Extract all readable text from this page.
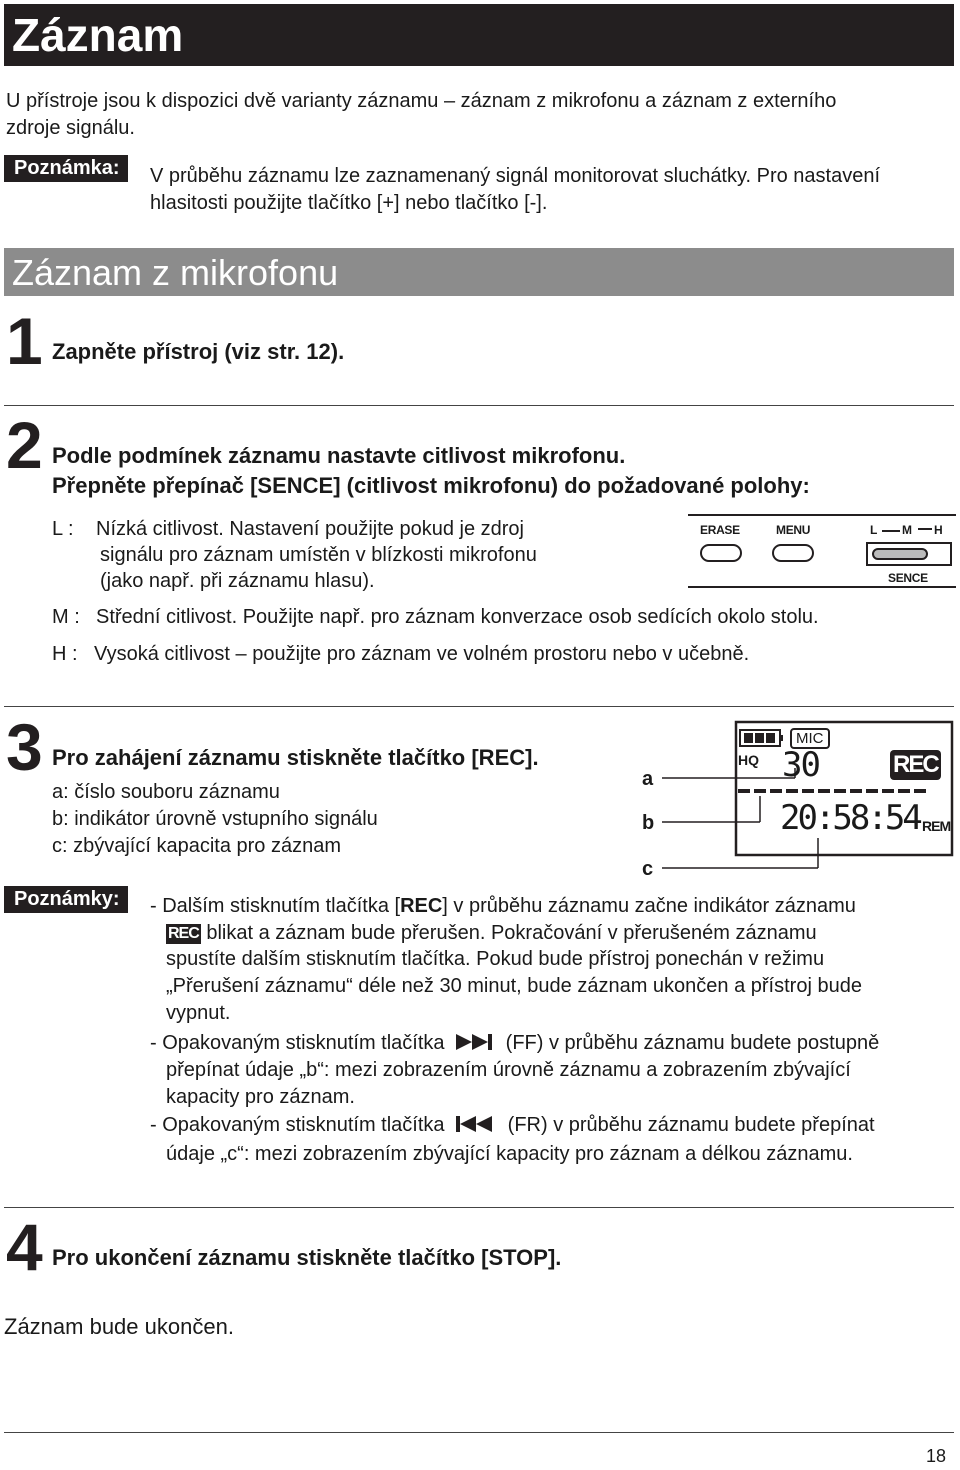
Záznam
U přístroje jsou k dispozici dvě varianty záznamu – záznam z mikrofonu a záznam z externího
zdroje signálu.
Poznámka:	V průběhu záznamu lze zaznamenaný signál monitorovat sluchátky. Pro nastavení
hlasitosti použijte tlačítko [+] nebo tlačítko [-].
Záznam z mikrofonu
1 Zapněte přístroj (viz str. 12).
2 Podle podmínek záznamu nastavte citlivost mikrofonu.
Přepněte přepínač [SENCE] (citlivost mikrofonu) do požadované polohy:
L : Nízká citlivost. Nastavení použijte pokud je zdroj
signálu pro záznam umístěn v blízkosti mikrofonu
(jako např. při záznamu hlasu).
M : Střední citlivost. Použijte např. pro záznam konverzace osob sedících okolo stolu.
H : Vysoká citlivost – použijte pro záznam ve volném prostoru nebo v učebně.
ERASE	MENU	L M H
SENCE
3 Pro zahájení záznamu stiskněte tlačítko [REC].
a: číslo souboru záznamu
b: indikátor úrovně vstupního signálu
c: zbývající kapacita pro záznam
a
b
c
MIC
HQ 30	REC
20:58:54 REM
Poznámky:	- Dalším stisknutím tlačítka [REC] v průběhu záznamu začne indikátor záznamu
REC blikat a záznam bude přerušen. Pokračování v přerušeném záznamu
spustíte dalším stisknutím tlačítka. Pokud bude přístroj ponechán v režimu
„Přerušení záznamu“ déle než 30 minut, bude záznam ukončen a přístroj bude
vypnut.
- Opakovaným stisknutím tlačítka	(FF) v průběhu záznamu budete postupně
přepínat údaje „b“: mezi zobrazením úrovně záznamu a zobrazením zbývající
kapacity pro záznam.
- Opakovaným stisknutím tlačítka	(FR) v průběhu záznamu budete přepínat
údaje „c“: mezi zobrazením zbývající kapacity pro záznam a délkou záznamu.
4 Pro ukončení záznamu stiskněte tlačítko [STOP].
Záznam bude ukončen.
18
